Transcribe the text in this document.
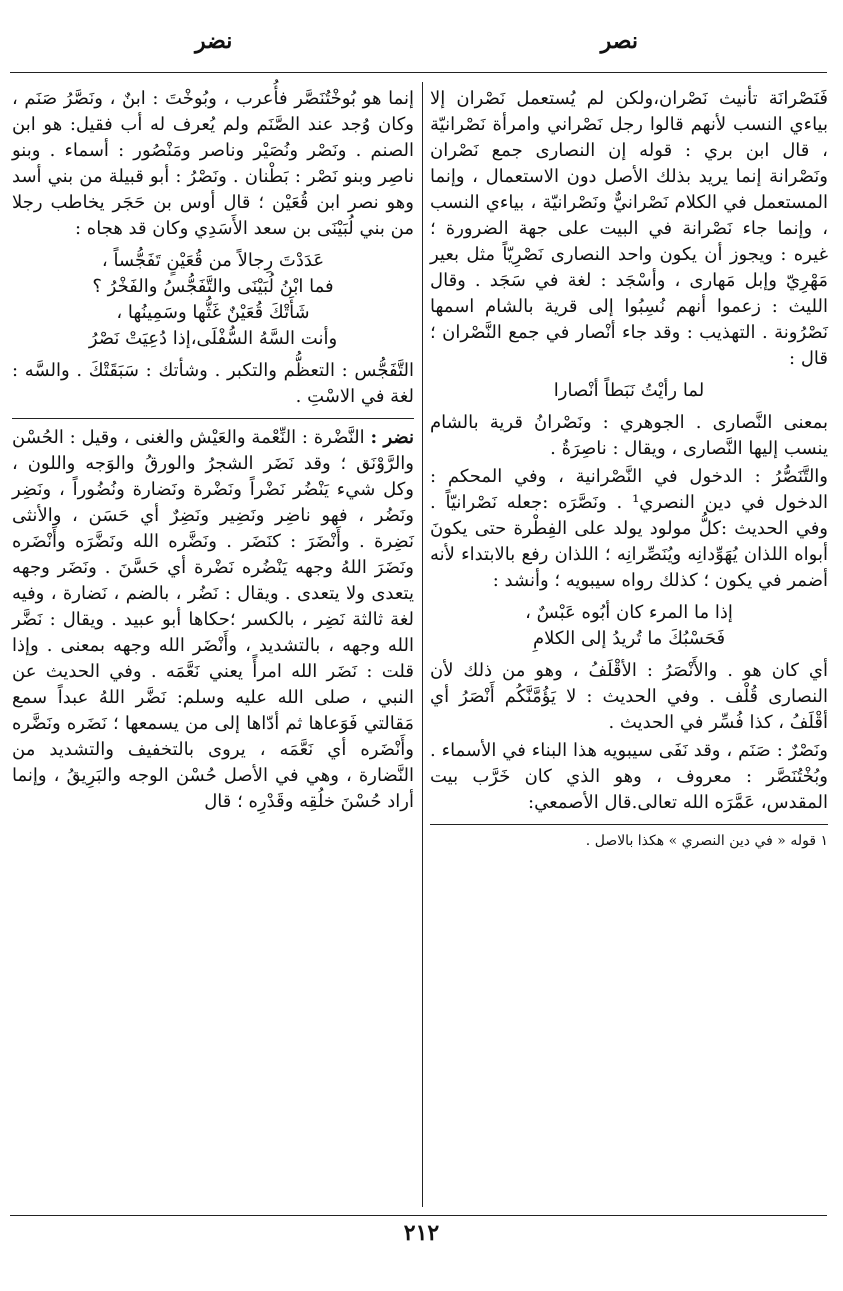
نصر
نضر

فَنَصْرانَة تأنيث نَصْران،ولكن لم يُستعمل نَصْران إلا بياءي النسب لأنهم قالوا رجل نَصْراني وامرأة نَصْرانيّة ، قال ابن بري : قوله إن النصارى جمع نَصْران ونَصْرانة إنما يريد بذلك الأصل دون الاستعمال ، وإنما المستعمل في الكلام نَصْرانيٌّ ونَصْرانيّة ، بياءي النسب ، وإنما جاء نَصْرانة في البيت على جهة الضرورة ؛ غيره : ويجوز أن يكون واحد النصارى نَصْرِيّاً مثل بعير مَهْرِيّ وإبل مَهارى ، وأسْجَد : لغة في سَجَد . وقال الليث : زعموا أنهم نُسِبُوا إلى قرية بالشام اسمها نَصْرُونة . التهذيب : وقد جاء أنْصار في جمع النَّصْران ؛ قال :

لما رأيْتُ نَبَطاً أنْصارا

بمعنى النَّصارى . الجوهري : ونَصْرانُ قرية بالشام ينسب إليها النَّصارى ، ويقال : ناصِرَةُ .

والتَّنَصُّرُ : الدخول في النَّصْرانية ، وفي المحكم : الدخول في دين النصري¹ . ونَصَّرَه :جعله نَصْرانيّاً . وفي الحديث :كلُّ مولود يولد على الفِطْرة حتى يكونَ أبواه اللذان يُهَوِّدانِه ويُنَصِّرانِه ؛ اللذان رفع بالابتداء لأنه أضمر في يكون ؛ كذلك رواه سيبويه ؛ وأنشد :

إذا ما المرء كان أبُوه عَبْسٌ ،
فَحَسْبُكَ ما تُريدُ إلى الكلامِ

أي كان هو . والأَنْصَرُ : الأقْلَفُ ، وهو من ذلك لأن النصارى قُلْف . وفي الحديث : لا يَؤُمَّنَّكُم أَنْصَرُ أي أقْلَفُ ، كذا فُسِّر في الحديث .

ونَصْرٌ : صَنَم ، وقد نَفَى سيبويه هذا البناء في الأسماء . وبُخْتُنَصَّر : معروف ، وهو الذي كان خَرَّب بيت المقدس، عَمَّرَه الله تعالى.قال الأصمعي:

١ قوله « في دين النصري » هكذا بالاصل .

إنما هو بُوخْتُنَصَّر فأُعرب ، وبُوخْتَ : ابنٌ ، ونَصَّرُ صَنَم ، وكان وُجد عند الصَّنَم ولم يُعرف له أب فقيل: هو ابن الصنم . ونَصْر ونُصَيْر وناصر ومَنْصُور : أسماء . وبنو ناصِر وبنو نَصْر : بَطْنان . ونَصْرُ : أبو قبيلة من بني أسد وهو نصر ابن قُعَيْن ؛ قال أوس بن حَجَر يخاطب رجلا من بني لُبَيْنَى بن سعد الأَسَدِي وكان قد هجاه :

عَدَدْتَ رِجالاً من قُعَيْنٍ تَفَجُّساً ،
فما ابْنُ لُبَيْنَى والتَّفَجُّسُ والفَخْرُ ؟
شَأَتْكَ قُعَيْنٌ غَثُّها وسَمِينُها ،
وأنت السَّهُ السُّفْلَى،إذا دُعِيَتْ نَصْرُ

التَّفَجُّس : التعظُّم والتكبر . وشأتك : سَبَقَتْكَ . والسَّه : لغة في الاسْتِ .

نضر : النَّضْرة : النِّعْمة والعَيْش والغنى ، وقيل : الحُسْن والرَّوْنَق ؛ وقد نَضَر الشجرُ والورقُ والوَجه واللون ، وكل شيء يَنْضُر نَضْراً ونَضْرة ونَضارة ونُضُوراً ، ونَضِر ونَضُر ، فهو ناضِر ونَضِير ونَضِرٌ أي حَسَن ، والأنثى نَضِرة . وأَنْضَرَ : كنَضَر . ونَضَّره الله ونَضَّرَه وأَنْضَره ونَضَرَ اللهُ وجهه يَنْضُره نَضْرة أي حَسَّنَ . ونَضَر وجهه يتعدى ولا يتعدى . ويقال : نَضُر ، بالضم ، نَضارة ، وفيه لغة ثالثة نَضِر ، بالكسر ؛حكاها أبو عبيد . ويقال : نَضَّر الله وجهه ، بالتشديد ، وأَنْضَر الله وجهه بمعنى . وإذا قلت : نَضَر الله امرأً يعني نَعَّمَه . وفي الحديث عن النبي ، صلى الله عليه وسلم: نَضَّر اللهُ عبداً سمع مَقالتي فَوَعاها ثم أدّاها إلى من يسمعها ؛ نَضَره ونَضَّره وأَنْضَره أي نَعَّمَه ، يروى بالتخفيف والتشديد من النَّضارة ، وهي في الأصل حُسْن الوجه والبَرِيقُ ، وإنما أراد حُسْنَ خلُقِه وقَدْرِه ؛ قال

٢١٢
